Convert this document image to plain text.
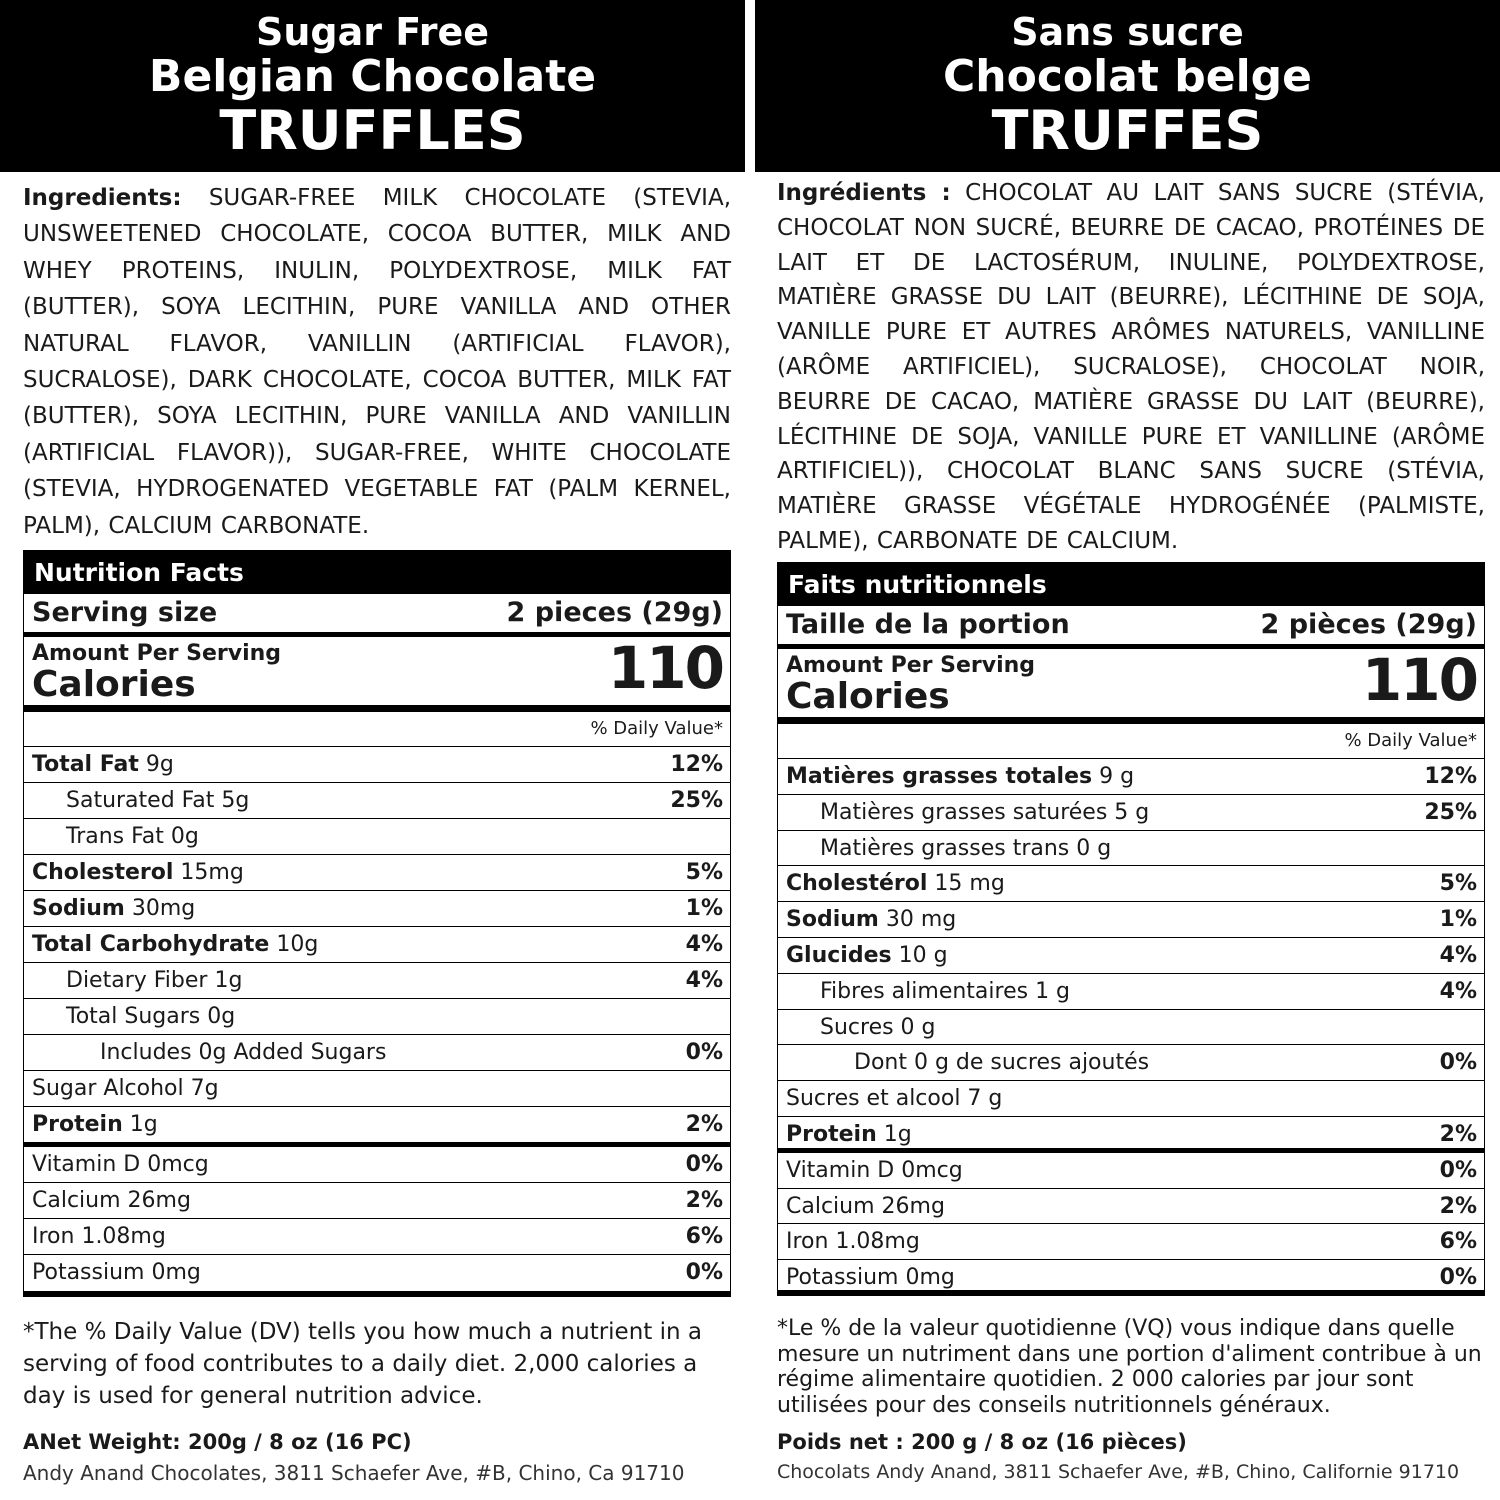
Sugar Free
Belgian Chocolate
TRUFFLES
Ingredients: SUGAR-FREE MILK CHOCOLATE (STEVIA, UNSWEETENED CHOCOLATE, COCOA BUTTER, MILK AND WHEY PROTEINS, INULIN, POLYDEXTROSE, MILK FAT (BUTTER), SOYA LECITHIN, PURE VANILLA AND OTHER NATURAL FLAVOR, VANILLIN (ARTIFICIAL FLAVOR), SUCRALOSE), DARK CHOCOLATE, COCOA BUTTER, MILK FAT (BUTTER), SOYA LECITHIN, PURE VANILLA AND VANILLIN (ARTIFICIAL FLAVOR)), SUGAR-FREE, WHITE CHOCOLATE (STEVIA, HYDROGENATED VEGETABLE FAT (PALM KERNEL, PALM), CALCIUM CARBONATE.
Nutrition Facts
Serving size	2 pieces (29g)
Amount Per Serving
Calories	110
% Daily Value*
Total Fat 9g	12%
Saturated Fat 5g	25%
Trans Fat 0g
Cholesterol 15mg	5%
Sodium 30mg	1%
Total Carbohydrate 10g	4%
Dietary Fiber 1g	4%
Total Sugars 0g
Includes 0g Added Sugars	0%
Sugar Alcohol 7g
Protein 1g	2%
Vitamin D 0mcg	0%
Calcium 26mg	2%
Iron 1.08mg	6%
Potassium 0mg	0%
*The % Daily Value (DV) tells you how much a nutrient in a serving of food contributes to a daily diet. 2,000 calories a day is used for general nutrition advice.
ANet Weight: 200g / 8 oz (16 PC)
Andy Anand Chocolates, 3811 Schaefer Ave, #B, Chino, Ca 91710
Sans sucre
Chocolat belge
TRUFFES
Ingrédients : CHOCOLAT AU LAIT SANS SUCRE (STÉVIA, CHOCOLAT NON SUCRÉ, BEURRE DE CACAO, PROTÉINES DE LAIT ET DE LACTOSÉRUM, INULINE, POLYDEXTROSE, MATIÈRE GRASSE DU LAIT (BEURRE), LÉCITHINE DE SOJA, VANILLE PURE ET AUTRES ARÔMES NATURELS, VANILLINE (ARÔME ARTIFICIEL), SUCRALOSE), CHOCOLAT NOIR, BEURRE DE CACAO, MATIÈRE GRASSE DU LAIT (BEURRE), LÉCITHINE DE SOJA, VANILLE PURE ET VANILLINE (ARÔME ARTIFICIEL)), CHOCOLAT BLANC SANS SUCRE (STÉVIA, MATIÈRE GRASSE VÉGÉTALE HYDROGÉNÉE (PALMISTE, PALME), CARBONATE DE CALCIUM.
Faits nutritionnels
Taille de la portion	2 pièces (29g)
Amount Per Serving
Calories	110
% Daily Value*
Matières grasses totales 9 g	12%
Matières grasses saturées 5 g	25%
Matières grasses trans 0 g
Cholestérol 15 mg	5%
Sodium 30 mg	1%
Glucides 10 g	4%
Fibres alimentaires 1 g	4%
Sucres 0 g
Dont 0 g de sucres ajoutés	0%
Sucres et alcool 7 g
Protein 1g	2%
Vitamin D 0mcg	0%
Calcium 26mg	2%
Iron 1.08mg	6%
Potassium 0mg	0%
*Le % de la valeur quotidienne (VQ) vous indique dans quelle mesure un nutriment dans une portion d'aliment contribue à un régime alimentaire quotidien. 2 000 calories par jour sont utilisées pour des conseils nutritionnels généraux.
Poids net : 200 g / 8 oz (16 pièces)
Chocolats Andy Anand, 3811 Schaefer Ave, #B, Chino, Californie 91710
